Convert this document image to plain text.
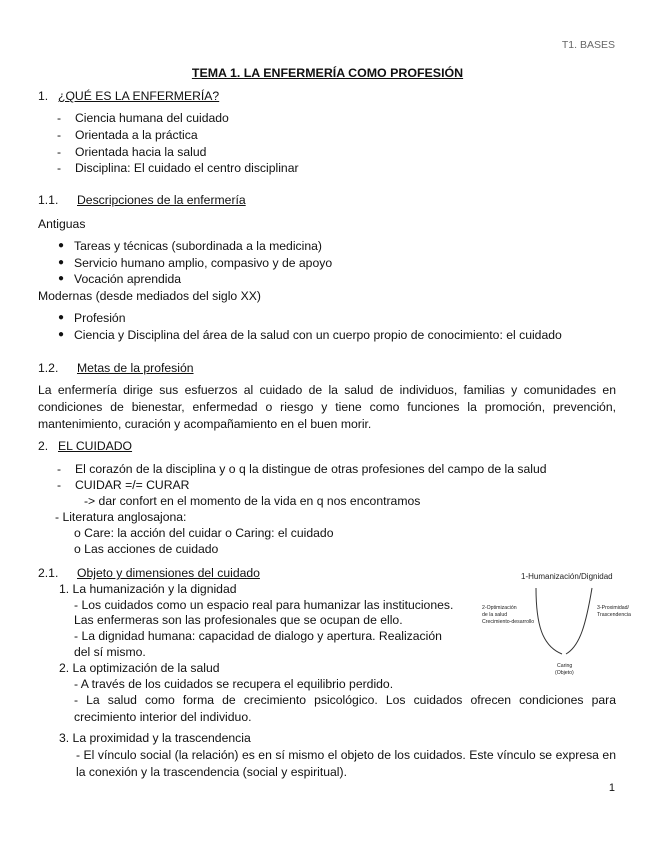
T1. BASES
TEMA 1. LA ENFERMERÍA COMO PROFESIÓN
1. ¿QUÉ ES LA ENFERMERÍA?
- Ciencia humana del cuidado
- Orientada a la práctica
- Orientada hacia la salud
- Disciplina: El cuidado el centro disciplinar
1.1. Descripciones de la enfermería
Antiguas
● Tareas y técnicas (subordinada a la medicina)
● Servicio humano amplio, compasivo y de apoyo
● Vocación aprendida
Modernas (desde mediados del siglo XX)
● Profesión
● Ciencia y Disciplina del área de la salud con un cuerpo propio de conocimiento: el cuidado
1.2. Metas de la profesión
La enfermería dirige sus esfuerzos al cuidado de la salud de individuos, familias y comunidades en condiciones de bienestar, enfermedad o riesgo y tiene como funciones la promoción, prevención, mantenimiento, curación y acompañamiento en el buen morir.
2. EL CUIDADO
- El corazón de la disciplina y o q la distingue de otras profesiones del campo de la salud
- CUIDAR =/= CURAR
-> dar confort en el momento de la vida en q nos encontramos
- Literatura anglosajona:
o Care: la acción del cuidar o Caring: el cuidado
o Las acciones de cuidado
2.1. Objeto y dimensiones del cuidado
1. La humanización y la dignidad
- Los cuidados como un espacio real para humanizar las instituciones.
Las enfermeras son las profesionales que se ocupan de ello.
- La dignidad humana: capacidad de dialogo y apertura. Realización
del sí mismo.
2. La optimización de la salud
- A través de los cuidados se recupera el equilibrio perdido.
- La salud como forma de crecimiento psicológico. Los cuidados ofrecen condiciones para crecimiento interior del individuo.
3. La proximidad y la trascendencia
- El vínculo social (la relación) es en sí mismo el objeto de los cuidados. Este vínculo se expresa en la conexión y la trascendencia (social y espiritual).
1-Humanización/Dignidad
2-Optimización
de la salud
Crecimiento-desarrollo
3-Proximidad/
Trascendencia
Caring
(Objeto)
1
